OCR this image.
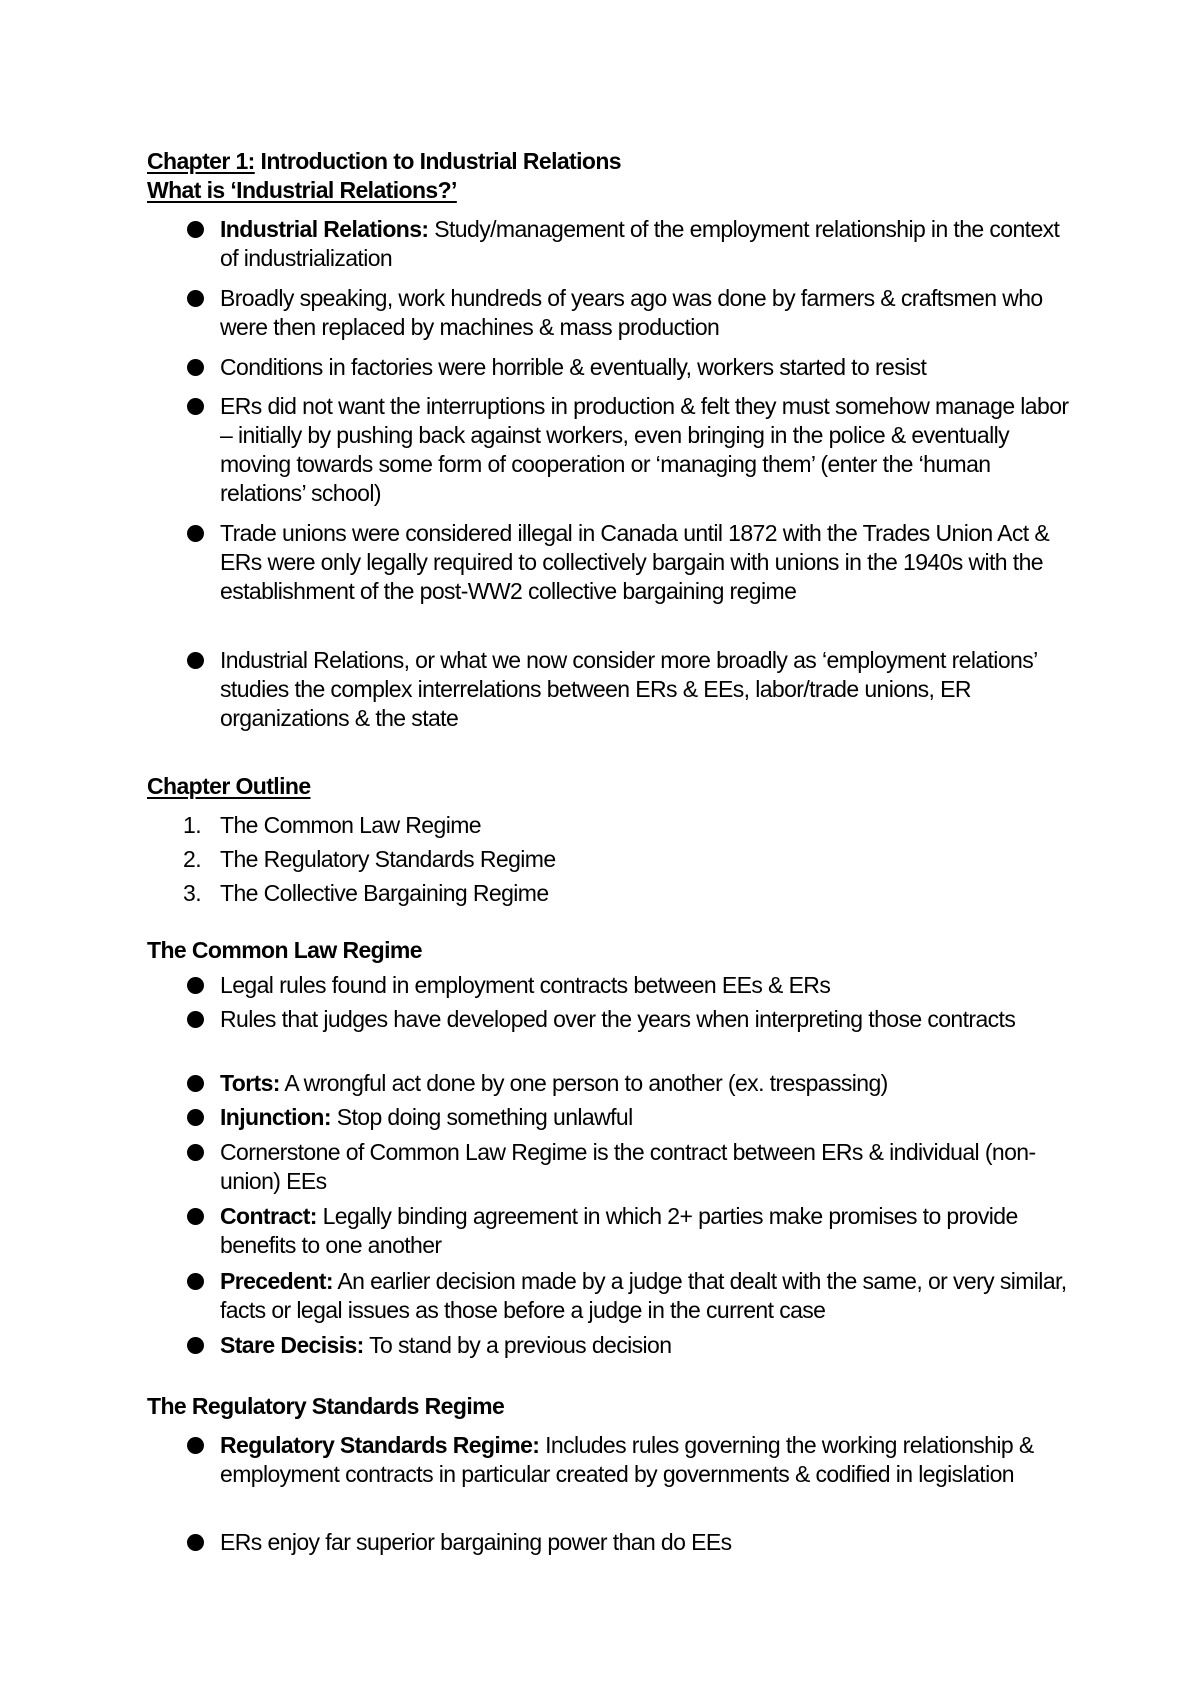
Chapter 1: Introduction to Industrial Relations
What is ‘Industrial Relations?’
Industrial Relations: Study/management of the employment relationship in the context of industrialization
Broadly speaking, work hundreds of years ago was done by farmers & craftsmen who were then replaced by machines & mass production
Conditions in factories were horrible & eventually, workers started to resist
ERs did not want the interruptions in production & felt they must somehow manage labor – initially by pushing back against workers, even bringing in the police & eventually moving towards some form of cooperation or ‘managing them’ (enter the ‘human relations’ school)
Trade unions were considered illegal in Canada until 1872 with the Trades Union Act & ERs were only legally required to collectively bargain with unions in the 1940s with the establishment of the post-WW2 collective bargaining regime
Industrial Relations, or what we now consider more broadly as ‘employment relations’ studies the complex interrelations between ERs & EEs, labor/trade unions, ER organizations & the state
Chapter Outline
1. The Common Law Regime
2. The Regulatory Standards Regime
3. The Collective Bargaining Regime
The Common Law Regime
Legal rules found in employment contracts between EEs & ERs
Rules that judges have developed over the years when interpreting those contracts
Torts: A wrongful act done by one person to another (ex. trespassing)
Injunction: Stop doing something unlawful
Cornerstone of Common Law Regime is the contract between ERs & individual (non-union) EEs
Contract: Legally binding agreement in which 2+ parties make promises to provide benefits to one another
Precedent: An earlier decision made by a judge that dealt with the same, or very similar, facts or legal issues as those before a judge in the current case
Stare Decisis: To stand by a previous decision
The Regulatory Standards Regime
Regulatory Standards Regime: Includes rules governing the working relationship & employment contracts in particular created by governments & codified in legislation
ERs enjoy far superior bargaining power than do EEs
